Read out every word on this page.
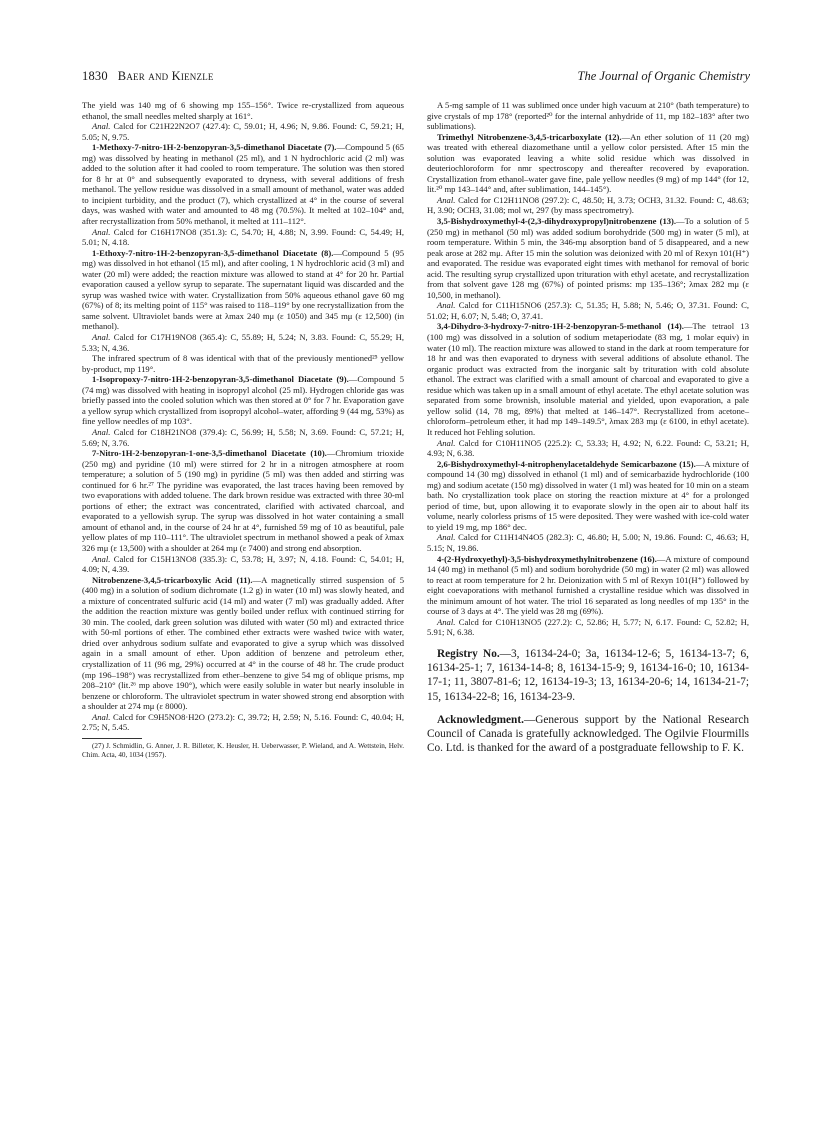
1830 Baer and Kienzle	The Journal of Organic Chemistry

The yield was 140 mg of 6 showing mp 155–156°. Twice re-crystallized from aqueous ethanol, the small needles melted sharply at 161°.

Anal. Calcd for C21H22N2O7 (427.4): C, 59.01; H, 4.96; N, 9.86. Found: C, 59.21; H, 5.05; N, 9.75.

1-Methoxy-7-nitro-1H-2-benzopyran-3,5-dimethanol Diacetate (7).—Compound 5 (65 mg) was dissolved by heating in methanol (25 ml), and 1 N hydrochloric acid (2 ml) was added to the solution after it had cooled to room temperature. The solution was then stored for 8 hr at 0° and subsequently evaporated to dryness, with several additions of fresh methanol. The yellow residue was dissolved in a small amount of methanol, water was added to incipient turbidity, and the product (7), which crystallized at 4° in the course of several days, was washed with water and amounted to 48 mg (70.5%). It melted at 102–104° and, after recrystallization from 50% methanol, it melted at 111–112°.

Anal. Calcd for C16H17NO8 (351.3): C, 54.70; H, 4.88; N, 3.99. Found: C, 54.49; H, 5.01; N, 4.18.

1-Ethoxy-7-nitro-1H-2-benzopyran-3,5-dimethanol Diacetate (8).—Compound 5 (95 mg) was dissolved in hot ethanol (15 ml), and after cooling, 1 N hydrochloric acid (3 ml) and water (20 ml) were added; the reaction mixture was allowed to stand at 4° for 20 hr. Partial evaporation caused a yellow syrup to separate. The supernatant liquid was discarded and the syrup was washed twice with water. Crystallization from 50% aqueous ethanol gave 60 mg (67%) of 8; its melting point of 115° was raised to 118–119° by one recrystallization from the same solvent. Ultraviolet bands were at λmax 240 mμ (ε 1050) and 345 mμ (ε 12,500) (in methanol).

Anal. Calcd for C17H19NO8 (365.4): C, 55.89; H, 5.24; N, 3.83. Found: C, 55.29; H, 5.33; N, 4.36.

The infrared spectrum of 8 was identical with that of the previously mentioned²⁵ yellow by-product, mp 119°.

1-Isopropoxy-7-nitro-1H-2-benzopyran-3,5-dimethanol Diacetate (9).—Compound 5 (74 mg) was dissolved with heating in isopropyl alcohol (25 ml). Hydrogen chloride gas was briefly passed into the cooled solution which was then stored at 0° for 7 hr. Evaporation gave a yellow syrup which crystallized from isopropyl alcohol–water, affording 9 (44 mg, 53%) as fine yellow needles of mp 103°.

Anal. Calcd for C18H21NO8 (379.4): C, 56.99; H, 5.58; N, 3.69. Found: C, 57.21; H, 5.69; N, 3.76.

7-Nitro-1H-2-benzopyran-1-one-3,5-dimethanol Diacetate (10).—Chromium trioxide (250 mg) and pyridine (10 ml) were stirred for 2 hr in a nitrogen atmosphere at room temperature; a solution of 5 (190 mg) in pyridine (5 ml) was then added and stirring was continued for 6 hr.²⁷ The pyridine was evaporated, the last traces having been removed by two evaporations with added toluene. The dark brown residue was extracted with three 30-ml portions of ether; the extract was concentrated, clarified with activated charcoal, and evaporated to a yellowish syrup. The syrup was dissolved in hot water containing a small amount of ethanol and, in the course of 24 hr at 4°, furnished 59 mg of 10 as beautiful, pale yellow plates of mp 110–111°. The ultraviolet spectrum in methanol showed a peak of λmax 326 mμ (ε 13,500) with a shoulder at 264 mμ (ε 7400) and strong end absorption.

Anal. Calcd for C15H13NO8 (335.3): C, 53.78; H, 3.97; N, 4.18. Found: C, 54.01; H, 4.09; N, 4.39.

Nitrobenzene-3,4,5-tricarboxylic Acid (11).—A magnetically stirred suspension of 5 (400 mg) in a solution of sodium dichromate (1.2 g) in water (10 ml) was slowly heated, and a mixture of concentrated sulfuric acid (14 ml) and water (7 ml) was gradually added. After the addition the reaction mixture was gently boiled under reflux with continued stirring for 30 min. The cooled, dark green solution was diluted with water (50 ml) and extracted thrice with 50-ml portions of ether. The combined ether extracts were washed twice with water, dried over anhydrous sodium sulfate and evaporated to give a syrup which was dissolved again in a small amount of ether. Upon addition of benzene and petroleum ether, crystallization of 11 (96 mg, 29%) occurred at 4° in the course of 48 hr. The crude product (mp 196–198°) was recrystallized from ether–benzene to give 54 mg of oblique prisms, mp 208–210° (lit.²⁶ mp above 190°), which were easily soluble in water but nearly insoluble in benzene or chloroform. The ultraviolet spectrum in water showed strong end absorption with a shoulder at 274 mμ (ε 8000).

Anal. Calcd for C9H5NO8·H2O (273.2): C, 39.72; H, 2.59; N, 5.16. Found: C, 40.04; H, 2.75; N, 5.45.

(27) J. Schmidlin, G. Anner, J. R. Billeter, K. Heusler, H. Ueberwasser, P. Wieland, and A. Wettstein, Helv. Chim. Acta, 40, 1034 (1957).

A 5-mg sample of 11 was sublimed once under high vacuum at 210° (bath temperature) to give crystals of mp 178° (reported²⁰ for the internal anhydride of 11, mp 182–183° after two sublimations).

Trimethyl Nitrobenzene-3,4,5-tricarboxylate (12).—An ether solution of 11 (20 mg) was treated with ethereal diazomethane until a yellow color persisted. After 15 min the solution was evaporated leaving a white solid residue which was dissolved in deuteriochloroform for nmr spectroscopy and thereafter recovered by evaporation. Crystallization from ethanol–water gave fine, pale yellow needles (9 mg) of mp 144° (for 12, lit.²⁰ mp 143–144° and, after sublimation, 144–145°).

Anal. Calcd for C12H11NO8 (297.2): C, 48.50; H, 3.73; OCH3, 31.32. Found: C, 48.63; H, 3.90; OCH3, 31.08; mol wt, 297 (by mass spectrometry).

3,5-Bishydroxymethyl-4-(2,3-dihydroxypropyl)nitrobenzene (13).—To a solution of 5 (250 mg) in methanol (50 ml) was added sodium borohydride (500 mg) in water (5 ml), at room temperature. Within 5 min, the 346-mμ absorption band of 5 disappeared, and a new peak arose at 282 mμ. After 15 min the solution was deionized with 20 ml of Rexyn 101(H⁺) and evaporated. The residue was evaporated eight times with methanol for removal of boric acid. The resulting syrup crystallized upon trituration with ethyl acetate, and recrystallization from that solvent gave 128 mg (67%) of pointed prisms: mp 135–136°; λmax 282 mμ (ε 10,500, in methanol).

Anal. Calcd for C11H15NO6 (257.3): C, 51.35; H, 5.88; N, 5.46; O, 37.31. Found: C, 51.02; H, 6.07; N, 5.48; O, 37.41.

3,4-Dihydro-3-hydroxy-7-nitro-1H-2-benzopyran-5-methanol (14).—The tetraol 13 (100 mg) was dissolved in a solution of sodium metaperiodate (83 mg, 1 molar equiv) in water (10 ml). The reaction mixture was allowed to stand in the dark at room temperature for 18 hr and was then evaporated to dryness with several additions of absolute ethanol. The organic product was extracted from the inorganic salt by trituration with cold absolute ethanol. The extract was clarified with a small amount of charcoal and evaporated to give a residue which was taken up in a small amount of ethyl acetate. The ethyl acetate solution was separated from some brownish, insoluble material and yielded, upon evaporation, a pale yellow solid (14, 78 mg, 89%) that melted at 146–147°. Recrystallized from acetone–chloroform–petroleum ether, it had mp 149–149.5°, λmax 283 mμ (ε 6100, in ethyl acetate). It reduced hot Fehling solution.

Anal. Calcd for C10H11NO5 (225.2): C, 53.33; H, 4.92; N, 6.22. Found: C, 53.21; H, 4.93; N, 6.38.

2,6-Bishydroxymethyl-4-nitrophenylacetaldehyde Semicarbazone (15).—A mixture of compound 14 (30 mg) dissolved in ethanol (1 ml) and of semicarbazide hydrochloride (100 mg) and sodium acetate (150 mg) dissolved in water (1 ml) was heated for 10 min on a steam bath. No crystallization took place on storing the reaction mixture at 4° for a prolonged period of time, but, upon allowing it to evaporate slowly in the open air to about half its volume, nearly colorless prisms of 15 were deposited. They were washed with ice-cold water to yield 19 mg, mp 186° dec.

Anal. Calcd for C11H14N4O5 (282.3): C, 46.80; H, 5.00; N, 19.86. Found: C, 46.63; H, 5.15; N, 19.86.

4-(2-Hydroxyethyl)-3,5-bishydroxymethylnitrobenzene (16).—A mixture of compound 14 (40 mg) in methanol (5 ml) and sodium borohydride (50 mg) in water (2 ml) was allowed to react at room temperature for 2 hr. Deionization with 5 ml of Rexyn 101(H⁺) followed by eight coevaporations with methanol furnished a crystalline residue which was dissolved in the minimum amount of hot water. The triol 16 separated as long needles of mp 135° in the course of 3 days at 4°. The yield was 28 mg (69%).

Anal. Calcd for C10H13NO5 (227.2): C, 52.86; H, 5.77; N, 6.17. Found: C, 52.82; H, 5.91; N, 6.38.

Registry No.—3, 16134-24-0; 3a, 16134-12-6; 5, 16134-13-7; 6, 16134-25-1; 7, 16134-14-8; 8, 16134-15-9; 9, 16134-16-0; 10, 16134-17-1; 11, 3807-81-6; 12, 16134-19-3; 13, 16134-20-6; 14, 16134-21-7; 15, 16134-22-8; 16, 16134-23-9.

Acknowledgment.—Generous support by the National Research Council of Canada is gratefully acknowledged. The Ogilvie Flourmills Co. Ltd. is thanked for the award of a postgraduate fellowship to F. K.
